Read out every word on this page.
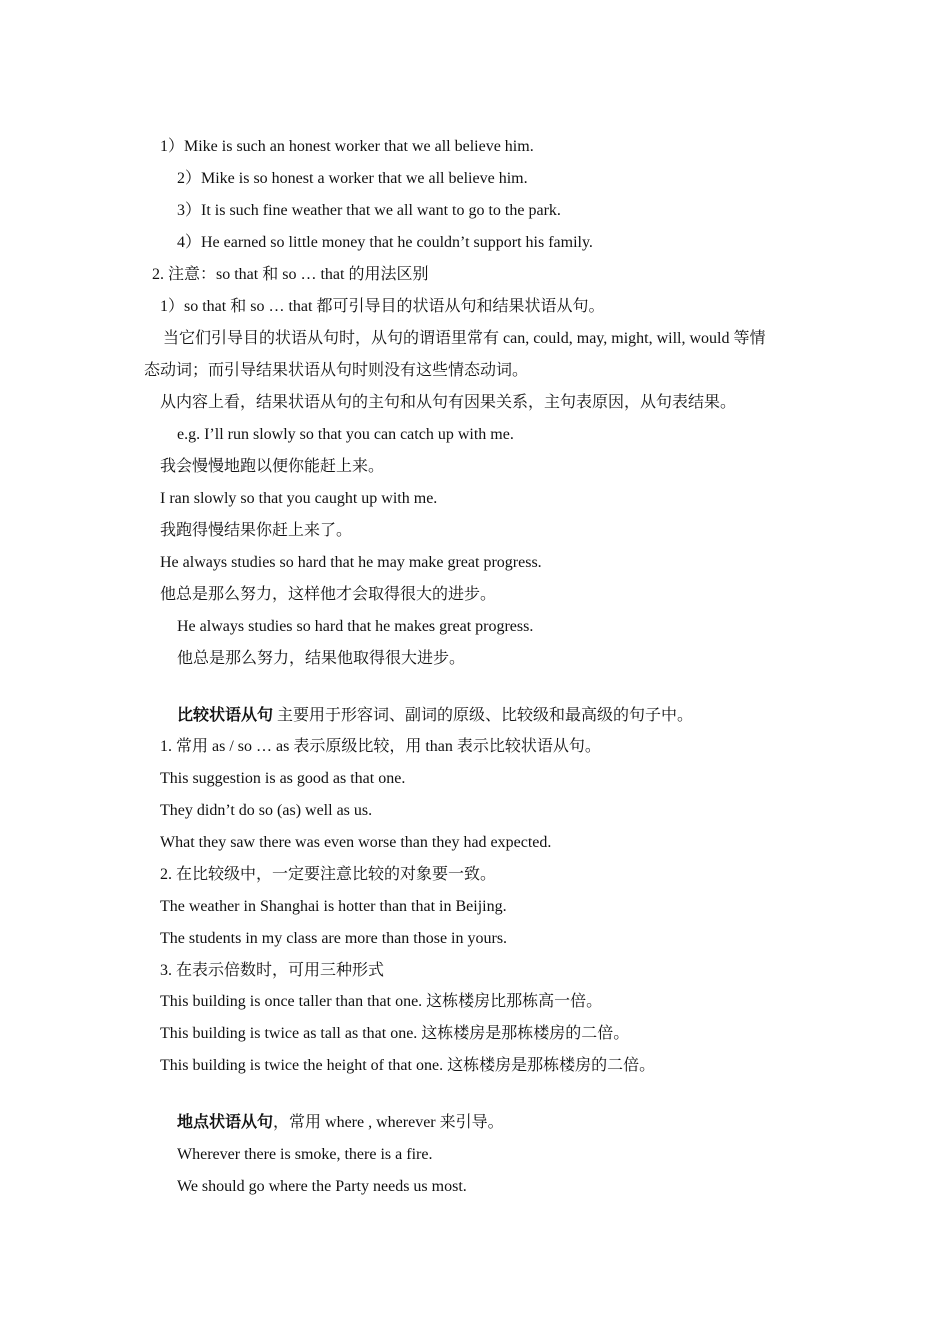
1）Mike is such an honest worker that we all believe him.
2）Mike is so honest a worker that we all believe him.
3）It is such fine weather that we all want to go to the park.
4）He earned so little money that he couldn’t support his family.
2. 注意：so that 和 so … that 的用法区别
1）so that 和 so … that 都可引导目的状语从句和结果状语从句。
当它们引导目的状语从句时，从句的谓语里常有 can, could, may, might, will, would 等情
态动词；而引导结果状语从句时则没有这些情态动词。
从内容上看，结果状语从句的主句和从句有因果关系，主句表原因，从句表结果。
e.g. I’ll run slowly so that you can catch up with me.
我会慢慢地跑以便你能赶上来。
I ran slowly so that you caught up with me.
我跑得慢结果你赶上来了。
He always studies so hard that he may make great progress.
他总是那么努力，这样他才会取得很大的进步。
He always studies so hard that he makes great progress.
他总是那么努力，结果他取得很大进步。
比较状语从句 主要用于形容词、副词的原级、比较级和最高级的句子中。
1. 常用 as / so … as 表示原级比较，用 than 表示比较状语从句。
This suggestion is as good as that one.
They didn’t do so (as) well as us.
What they saw there was even worse than they had expected.
2. 在比较级中，一定要注意比较的对象要一致。
The weather in Shanghai is hotter than that in Beijing.
The students in my class are more than those in yours.
3. 在表示倍数时，可用三种形式
This building is once taller than that one. 这栋楼房比那栋高一倍。
This building is twice as tall as that one. 这栋楼房是那栋楼房的二倍。
This building is twice the height of that one. 这栋楼房是那栋楼房的二倍。
地点状语从句，常用 where , wherever 来引导。
Wherever there is smoke, there is a fire.
We should go where the Party needs us most.
